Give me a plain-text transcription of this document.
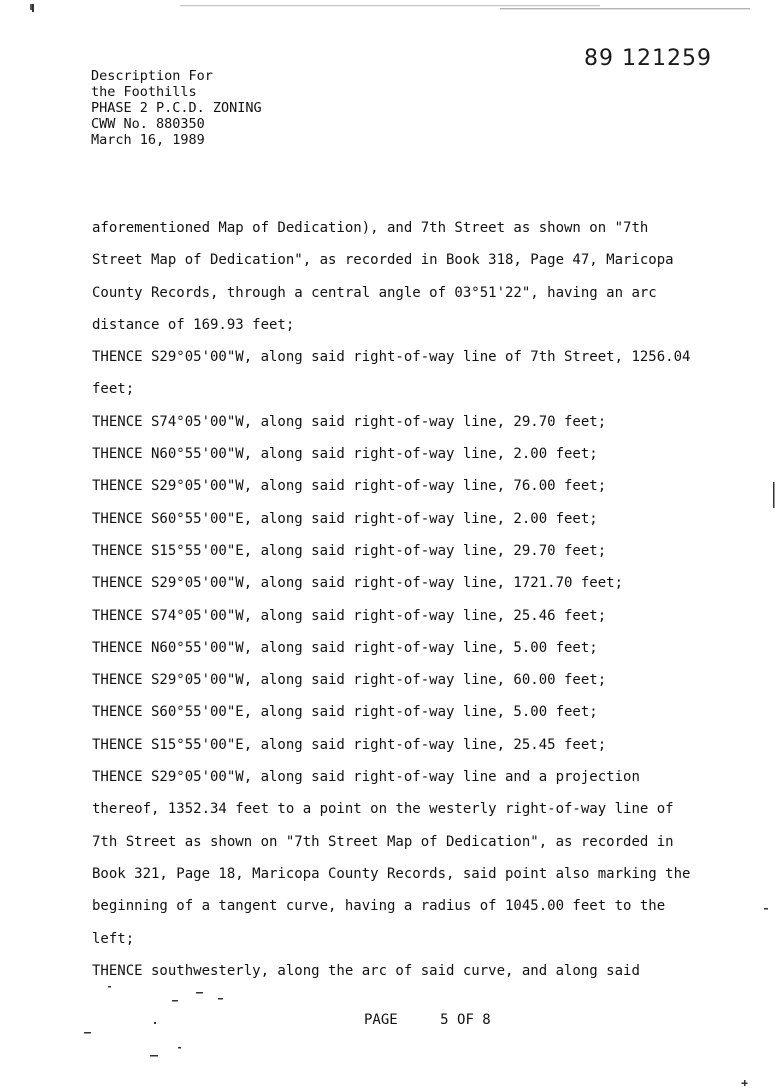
89 121259
Description For
the Foothills
PHASE 2 P.C.D. ZONING
CWW No. 880350
March 16, 1989
aforementioned Map of Dedication), and 7th Street as shown on "7th
Street Map of Dedication", as recorded in Book 318, Page 47, Maricopa
County Records, through a central angle of 03°51'22", having an arc
distance of 169.93 feet;
THENCE S29°05'00"W, along said right-of-way line of 7th Street, 1256.04
feet;
THENCE S74°05'00"W, along said right-of-way line, 29.70 feet;
THENCE N60°55'00"W, along said right-of-way line, 2.00 feet;
THENCE S29°05'00"W, along said right-of-way line, 76.00 feet;
THENCE S60°55'00"E, along said right-of-way line, 2.00 feet;
THENCE S15°55'00"E, along said right-of-way line, 29.70 feet;
THENCE S29°05'00"W, along said right-of-way line, 1721.70 feet;
THENCE S74°05'00"W, along said right-of-way line, 25.46 feet;
THENCE N60°55'00"W, along said right-of-way line, 5.00 feet;
THENCE S29°05'00"W, along said right-of-way line, 60.00 feet;
THENCE S60°55'00"E, along said right-of-way line, 5.00 feet;
THENCE S15°55'00"E, along said right-of-way line, 25.45 feet;
THENCE S29°05'00"W, along said right-of-way line and a projection
thereof, 1352.34 feet to a point on the westerly right-of-way line of
7th Street as shown on "7th Street Map of Dedication", as recorded in
Book 321, Page 18, Maricopa County Records, said point also marking the
beginning of a tangent curve, having a radius of 1045.00 feet to the
left;
THENCE southwesterly, along the arc of said curve, and along said
PAGE	5 OF 8
